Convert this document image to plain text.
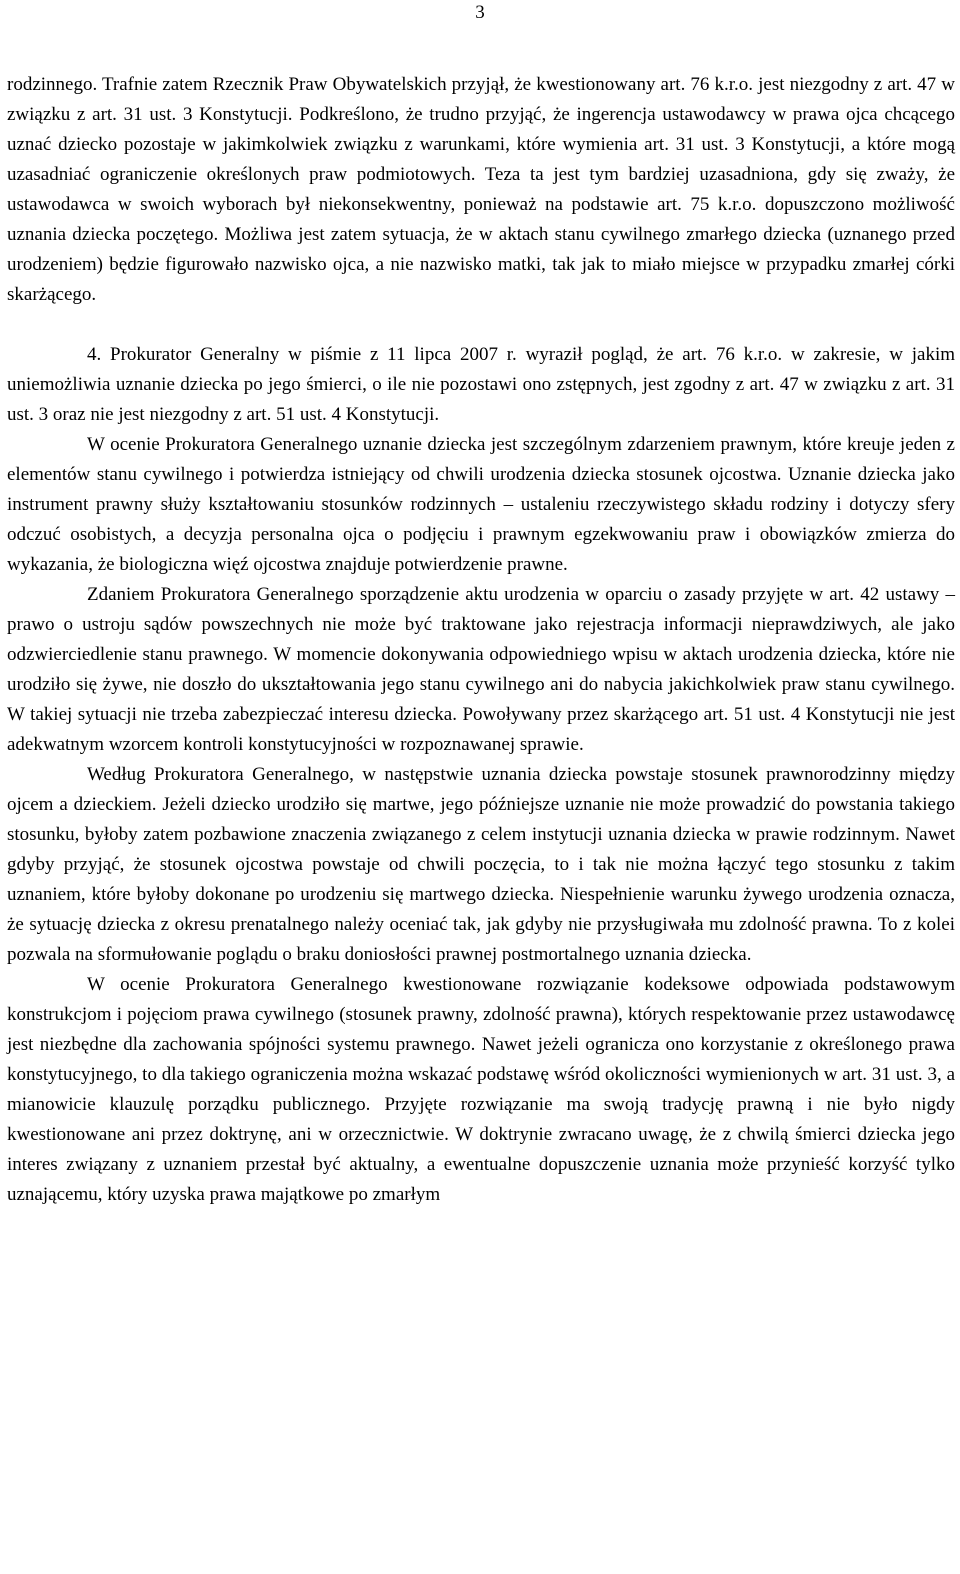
3

rodzinnego. Trafnie zatem Rzecznik Praw Obywatelskich przyjął, że kwestionowany art. 76 k.r.o. jest niezgodny z art. 47 w związku z art. 31 ust. 3 Konstytucji. Podkreślono, że trudno przyjąć, że ingerencja ustawodawcy w prawa ojca chcącego uznać dziecko pozostaje w jakimkolwiek związku z warunkami, które wymienia art. 31 ust. 3 Konstytucji, a które mogą uzasadniać ograniczenie określonych praw podmiotowych. Teza ta jest tym bardziej uzasadniona, gdy się zważy, że ustawodawca w swoich wyborach był niekonsekwentny, ponieważ na podstawie art. 75 k.r.o. dopuszczono możliwość uznania dziecka poczętego. Możliwa jest zatem sytuacja, że w aktach stanu cywilnego zmarłego dziecka (uznanego przed urodzeniem) będzie figurowało nazwisko ojca, a nie nazwisko matki, tak jak to miało miejsce w przypadku zmarłej córki skarżącego.

4. Prokurator Generalny w piśmie z 11 lipca 2007 r. wyraził pogląd, że art. 76 k.r.o. w zakresie, w jakim uniemożliwia uznanie dziecka po jego śmierci, o ile nie pozostawi ono zstępnych, jest zgodny z art. 47 w związku z art. 31 ust. 3 oraz nie jest niezgodny z art. 51 ust. 4 Konstytucji.

W ocenie Prokuratora Generalnego uznanie dziecka jest szczególnym zdarzeniem prawnym, które kreuje jeden z elementów stanu cywilnego i potwierdza istniejący od chwili urodzenia dziecka stosunek ojcostwa. Uznanie dziecka jako instrument prawny służy kształtowaniu stosunków rodzinnych – ustaleniu rzeczywistego składu rodziny i dotyczy sfery odczuć osobistych, a decyzja personalna ojca o podjęciu i prawnym egzekwowaniu praw i obowiązków zmierza do wykazania, że biologiczna więź ojcostwa znajduje potwierdzenie prawne.

Zdaniem Prokuratora Generalnego sporządzenie aktu urodzenia w oparciu o zasady przyjęte w art. 42 ustawy – prawo o ustroju sądów powszechnych nie może być traktowane jako rejestracja informacji nieprawdziwych, ale jako odzwierciedlenie stanu prawnego. W momencie dokonywania odpowiedniego wpisu w aktach urodzenia dziecka, które nie urodziło się żywe, nie doszło do ukształtowania jego stanu cywilnego ani do nabycia jakichkolwiek praw stanu cywilnego. W takiej sytuacji nie trzeba zabezpieczać interesu dziecka. Powoływany przez skarżącego art. 51 ust. 4 Konstytucji nie jest adekwatnym wzorcem kontroli konstytucyjności w rozpoznawanej sprawie.

Według Prokuratora Generalnego, w następstwie uznania dziecka powstaje stosunek prawnorodzinny między ojcem a dzieckiem. Jeżeli dziecko urodziło się martwe, jego późniejsze uznanie nie może prowadzić do powstania takiego stosunku, byłoby zatem pozbawione znaczenia związanego z celem instytucji uznania dziecka w prawie rodzinnym. Nawet gdyby przyjąć, że stosunek ojcostwa powstaje od chwili poczęcia, to i tak nie można łączyć tego stosunku z takim uznaniem, które byłoby dokonane po urodzeniu się martwego dziecka. Niespełnienie warunku żywego urodzenia oznacza, że sytuację dziecka z okresu prenatalnego należy oceniać tak, jak gdyby nie przysługiwała mu zdolność prawna. To z kolei pozwala na sformułowanie poglądu o braku doniosłości prawnej postmortalnego uznania dziecka.

W ocenie Prokuratora Generalnego kwestionowane rozwiązanie kodeksowe odpowiada podstawowym konstrukcjom i pojęciom prawa cywilnego (stosunek prawny, zdolność prawna), których respektowanie przez ustawodawcę jest niezbędne dla zachowania spójności systemu prawnego. Nawet jeżeli ogranicza ono korzystanie z określonego prawa konstytucyjnego, to dla takiego ograniczenia można wskazać podstawę wśród okoliczności wymienionych w art. 31 ust. 3, a mianowicie klauzulę porządku publicznego. Przyjęte rozwiązanie ma swoją tradycję prawną i nie było nigdy kwestionowane ani przez doktrynę, ani w orzecznictwie. W doktrynie zwracano uwagę, że z chwilą śmierci dziecka jego interes związany z uznaniem przestał być aktualny, a ewentualne dopuszczenie uznania może przynieść korzyść tylko uznającemu, który uzyska prawa majątkowe po zmarłym
